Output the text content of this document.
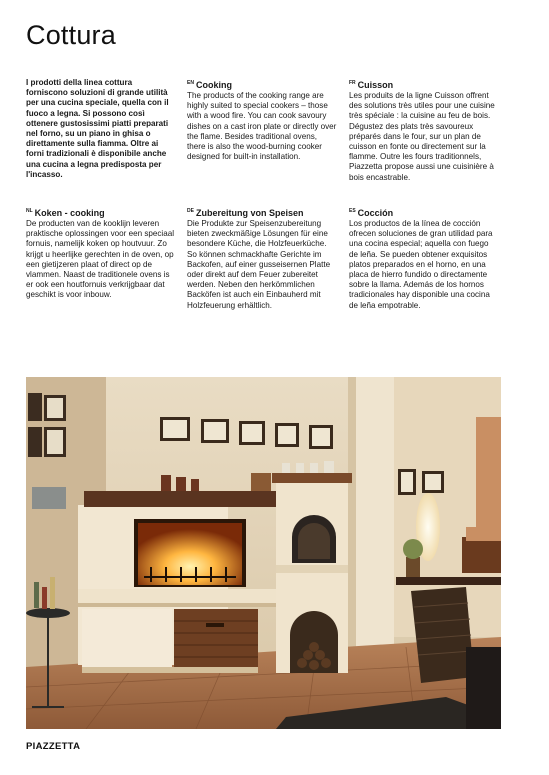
Cottura

I prodotti della linea cottura forniscono soluzioni di grande utilità per una cucina speciale, quella con il fuoco a legna. Si possono così ottenere gustosissimi piatti preparati nel forno, su un piano in ghisa o direttamente sulla fiamma. Oltre ai forni tradizionali è disponibile anche una cucina a legna predisposta per l'incasso.

$^{EN}$ Cooking

The products of the cooking range are highly suited to special cookers – those with a wood fire. You can cook savoury dishes on a cast iron plate or directly over the flame. Besides traditional ovens, there is also the wood-burning cooker designed for built-in installation.

$^{FR}$ Cuisson

Les produits de la ligne Cuisson offrent des solutions très utiles pour une cuisine très spéciale : la cuisine au feu de bois. Dégustez des plats très savoureux préparés dans le four, sur un plan de cuisson en fonte ou directement sur la flamme. Outre les fours traditionnels, Piazzetta propose aussi une cuisinière à bois encastrable.

$^{NL}$ Koken - cooking

De producten van de kooklijn leveren praktische oplossingen voor een speciaal fornuis, namelijk koken op houtvuur. Zo krijgt u heerlijke gerechten in de oven, op een gietijzeren plaat of direct op de vlammen. Naast de traditionele ovens is er ook een houtfornuis verkrijgbaar dat geschikt is voor inbouw.

$^{DE}$ Zubereitung von Speisen

Die Produkte zur Speisenzubereitung bieten zweckmäßige Lösungen für eine besondere Küche, die Holzfeuerküche. So können schmackhafte Gerichte im Backofen, auf einer gusseisernen Platte oder direkt auf dem Feuer zubereitet werden. Neben den herkömmlichen Backöfen ist auch ein Einbauherd mit Holzfeuerung erhältlich.

$^{ES}$ Cocción

Los productos de la línea de cocción ofrecen soluciones de gran utilidad para una cocina especial; aquella con fuego de leña. Se pueden obtener exquisitos platos preparados en el horno, en una placa de hierro fundido o directamente sobre la llama. Además de los hornos tradicionales hay disponible una cocina de leña empotrable.

PIAZZETTA
